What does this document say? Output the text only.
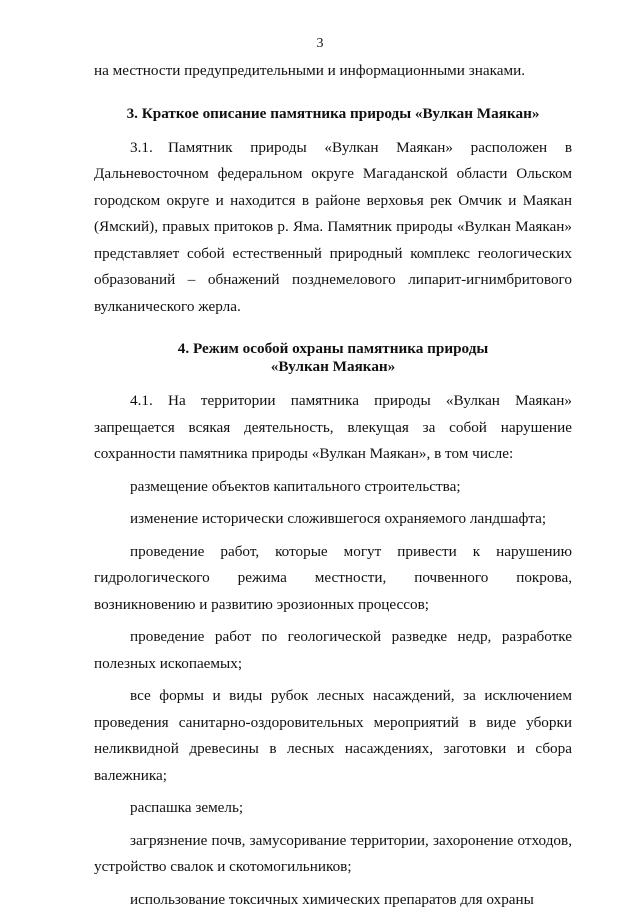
3

на местности предупредительными и информационными знаками.

3. Краткое описание памятника природы «Вулкан Маякан»

3.1. Памятник природы «Вулкан Маякан» расположен в Дальневосточном федеральном округе Магаданской области Ольском городском округе и находится в районе верховья рек Омчик и Маякан (Ямский), правых притоков р. Яма. Памятник природы «Вулкан Маякан» представляет собой естественный природный комплекс геологических образований – обнажений позднемелового липарит-игнимбритового вулканического жерла.

4. Режим особой охраны памятника природы
«Вулкан Маякан»

4.1. На территории памятника природы «Вулкан Маякан» запрещается всякая деятельность, влекущая за собой нарушение сохранности памятника природы «Вулкан Маякан», в том числе:

размещение объектов капитального строительства;

изменение исторически сложившегося охраняемого ландшафта;

проведение работ, которые могут привести к нарушению гидрологического режима местности, почвенного покрова, возникновению и развитию эрозионных процессов;

проведение работ по геологической разведке недр, разработке полезных ископаемых;

все формы и виды рубок лесных насаждений, за исключением проведения санитарно-оздоровительных мероприятий в виде уборки неликвидной древесины в лесных насаждениях, заготовки и сбора валежника;

распашка земель;

загрязнение почв, замусоривание территории, захоронение отходов, устройство свалок и скотомогильников;

использование токсичных химических препаратов для охраны
